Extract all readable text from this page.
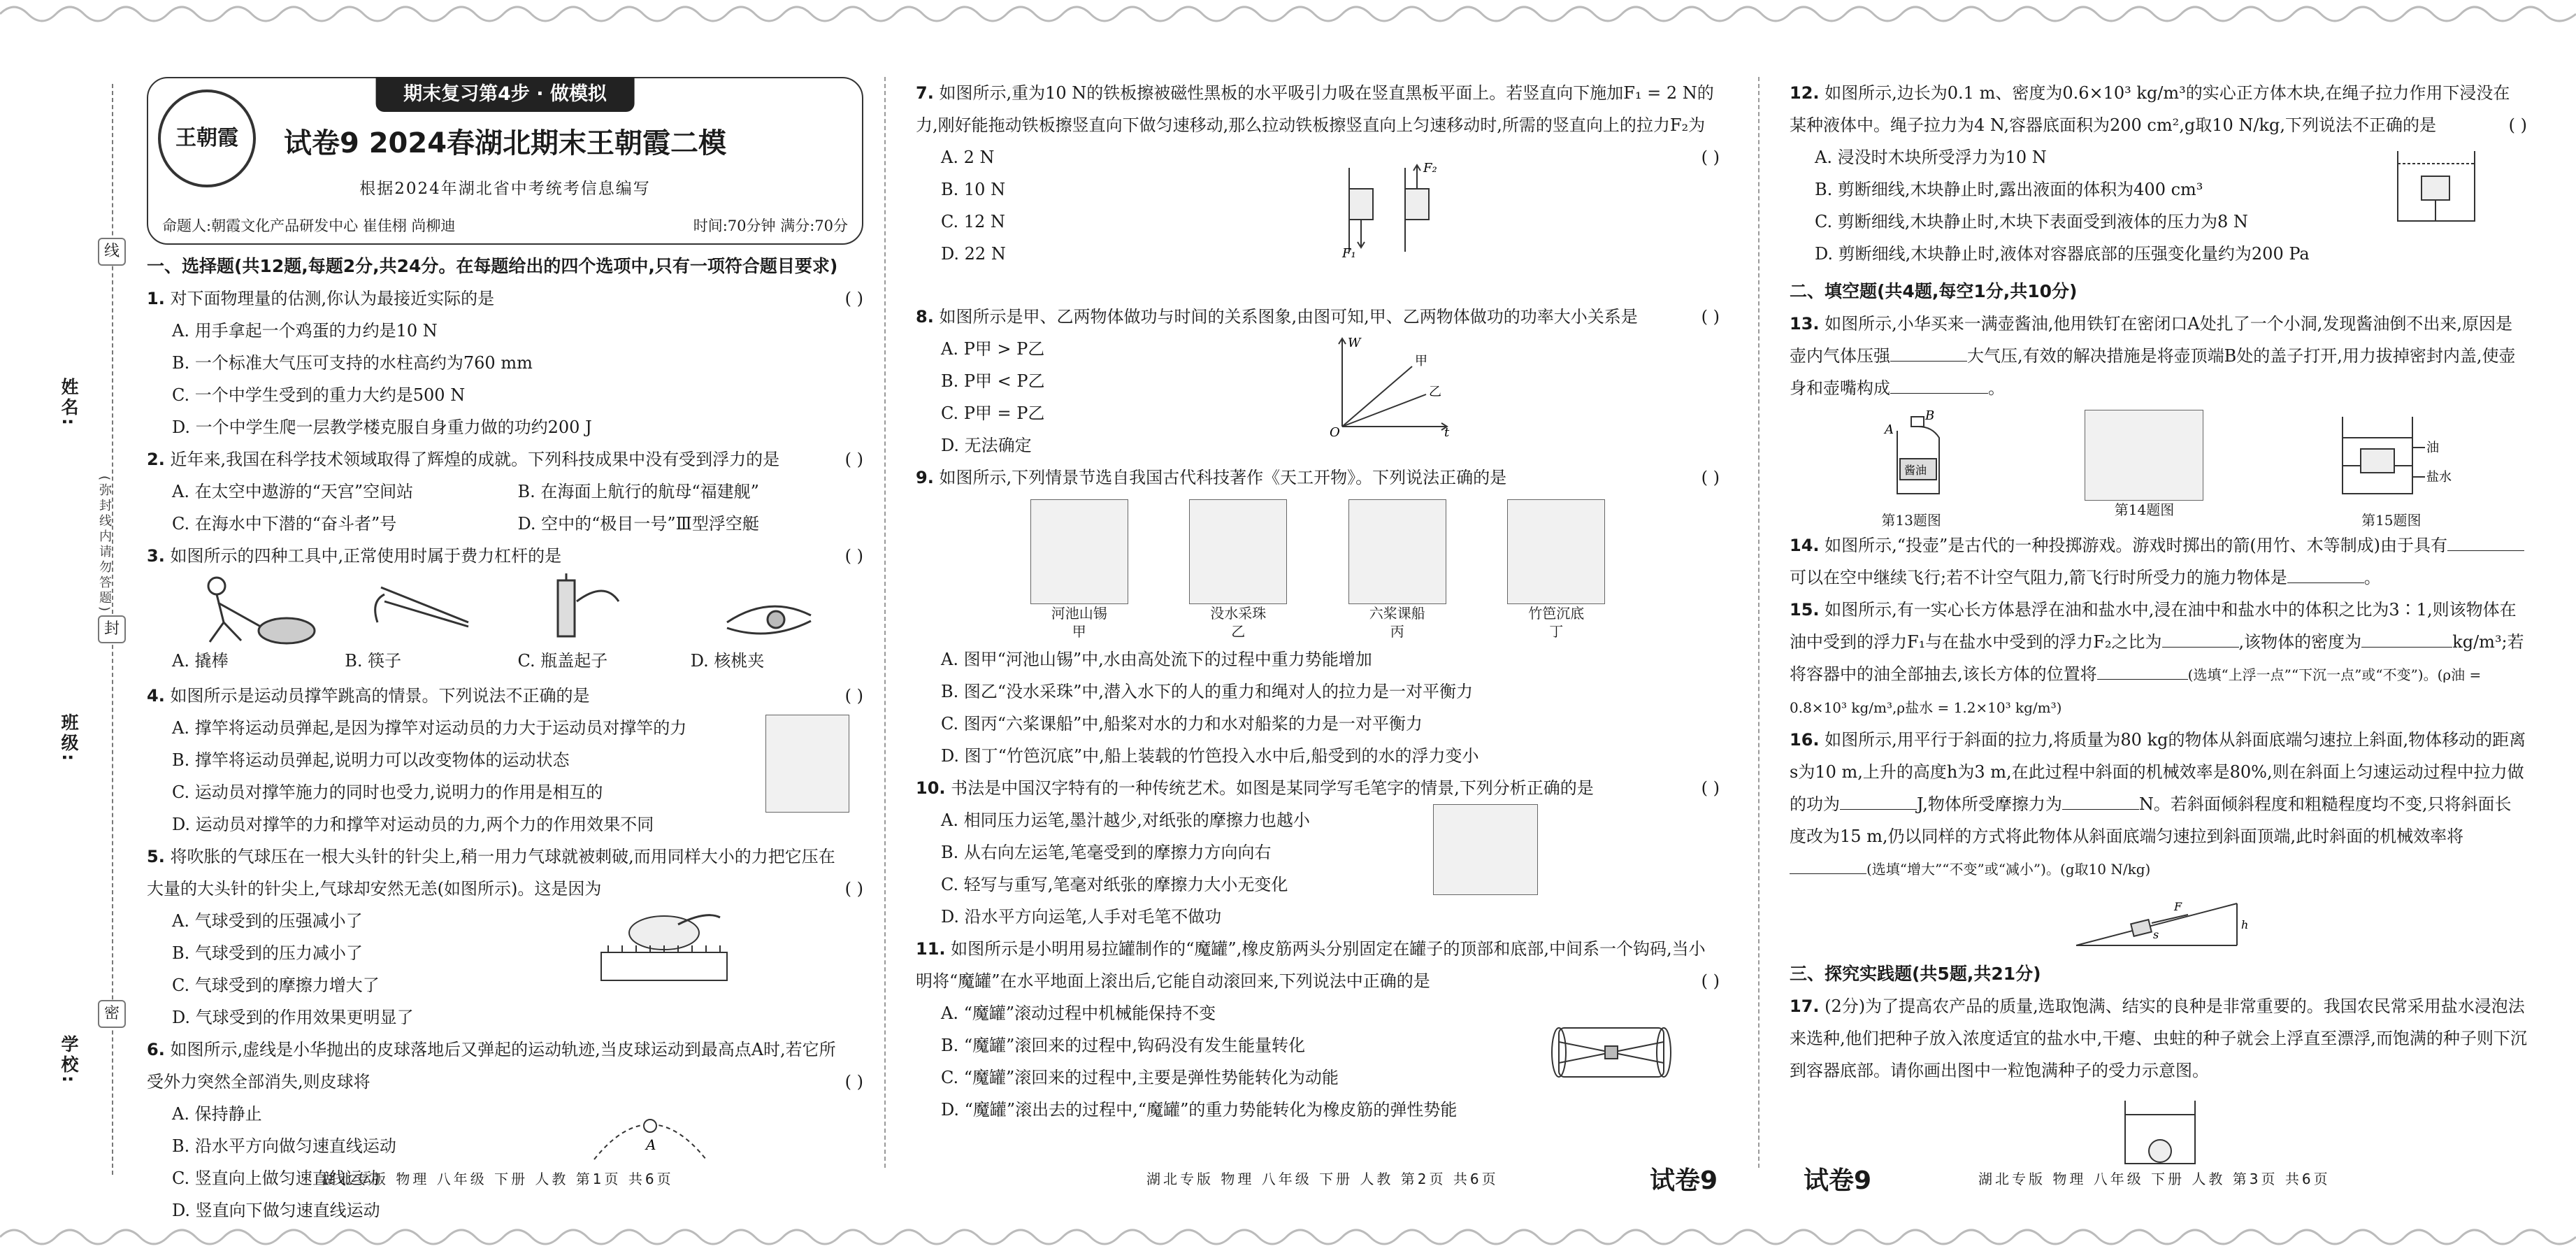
姓名:
班级:
学校:
线
(弥封线内请勿答题)
封
密
期末复习第4步 · 做模拟
王朝霞	试卷9 2024春湖北期末王朝霞二模
根据2024年湖北省中考统考信息编写
命题人:朝霞文化产品研发中心 崔佳栩 尚柳迪	时间:70分钟 满分:70分
一、选择题(共12题,每题2分,共24分。在每题给出的四个选项中,只有一项符合题目要求)
1. 对下面物理量的估测,你认为最接近实际的是	( )
A. 用手拿起一个鸡蛋的力约是10 N
B. 一个标准大气压可支持的水柱高约为760 mm
C. 一个中学生受到的重力大约是500 N
D. 一个中学生爬一层教学楼克服自身重力做的功约200 J
2. 近年来,我国在科学技术领域取得了辉煌的成就。下列科技成果中没有受到浮力的是	( )
A. 在太空中遨游的“天宫”空间站	B. 在海面上航行的航母“福建舰”
C. 在海水中下潜的“奋斗者”号	D. 空中的“极目一号”Ⅲ型浮空艇
3. 如图所示的四种工具中,正常使用时属于费力杠杆的是	( )
A. 撬棒	B. 筷子	C. 瓶盖起子	D. 核桃夹
4. 如图所示是运动员撑竿跳高的情景。下列说法不正确的是	( )
A. 撑竿将运动员弹起,是因为撑竿对运动员的力大于运动员对撑竿的力
B. 撑竿将运动员弹起,说明力可以改变物体的运动状态
C. 运动员对撑竿施力的同时也受力,说明力的作用是相互的
D. 运动员对撑竿的力和撑竿对运动员的力,两个力的作用效果不同
5. 将吹胀的气球压在一根大头针的针尖上,稍一用力气球就被刺破,而用同样大小的力把它压在大量的大头针的针尖上,气球却安然无恙(如图所示)。这是因为	( )
A. 气球受到的压强减小了
B. 气球受到的压力减小了
C. 气球受到的摩擦力增大了
D. 气球受到的作用效果更明显了
6. 如图所示,虚线是小华抛出的皮球落地后又弹起的运动轨迹,当皮球运动到最高点A时,若它所受外力突然全部消失,则皮球将	( )
A. 保持静止
B. 沿水平方向做匀速直线运动
C. 竖直向上做匀速直线运动
D. 竖直向下做匀速直线运动
A
7. 如图所示,重为10 N的铁板擦被磁性黑板的水平吸引力吸在竖直黑板平面上。若竖直向下施加F₁ = 2 N的力,刚好能拖动铁板擦竖直向下做匀速移动,那么拉动铁板擦竖直向上匀速移动时,所需的竖直向上的拉力F₂为
( )
A. 2 N
B. 10 N
C. 12 N
D. 22 N	F₁
F₂
8. 如图所示是甲、乙两物体做功与时间的关系图象,由图可知,甲、乙两物体做功的功率大小关系是	( )
A. P甲 > P乙
B. P甲 < P乙
C. P甲 = P乙
D. 无法确定
W
t
O
甲
乙
9. 如图所示,下列情景节选自我国古代科技著作《天工开物》。下列说法正确的是	( )
河池山锡
甲
没水采珠
乙
六桨课船
丙
竹笆沉底
丁
A. 图甲“河池山锡”中,水由高处流下的过程中重力势能增加
B. 图乙“没水采珠”中,潜入水下的人的重力和绳对人的拉力是一对平衡力
C. 图丙“六桨课船”中,船桨对水的力和水对船桨的力是一对平衡力
D. 图丁“竹笆沉底”中,船上装载的竹笆投入水中后,船受到的水的浮力变小
10. 书法是中国汉字特有的一种传统艺术。如图是某同学写毛笔字的情景,下列分析正确的是	( )
A. 相同压力运笔,墨汁越少,对纸张的摩擦力也越小
B. 从右向左运笔,笔毫受到的摩擦力方向向右
C. 轻写与重写,笔毫对纸张的摩擦力大小无变化
D. 沿水平方向运笔,人手对毛笔不做功
11. 如图所示是小明用易拉罐制作的“魔罐”,橡皮筋两头分别固定在罐子的顶部和底部,中间系一个钩码,当小明将“魔罐”在水平地面上滚出后,它能自动滚回来,下列说法中正确的是	( )
A. “魔罐”滚动过程中机械能保持不变
B. “魔罐”滚回来的过程中,钩码没有发生能量转化
C. “魔罐”滚回来的过程中,主要是弹性势能转化为动能
D. “魔罐”滚出去的过程中,“魔罐”的重力势能转化为橡皮筋的弹性势能
12. 如图所示,边长为0.1 m、密度为0.6×10³ kg/m³的实心正方体木块,在绳子拉力作用下浸没在某种液体中。绳子拉力为4 N,容器底面积为200 cm²,g取10 N/kg,下列说法不正确的是	( )
A. 浸没时木块所受浮力为10 N
B. 剪断细线,木块静止时,露出液面的体积为400 cm³
C. 剪断细线,木块静止时,木块下表面受到液体的压力为8 N
D. 剪断细线,木块静止时,液体对容器底部的压强变化量约为200 Pa
二、填空题(共4题,每空1分,共10分)
13. 如图所示,小华买来一满壶酱油,他用铁钉在密闭口A处扎了一个小洞,发现酱油倒不出来,原因是壶内气体压强	大气压,有效的解决措施是将壶顶端B处的盖子打开,用力拔掉密封内盖,使壶身和壶嘴构成	。
A
B
酱油
第13题图
第14题图
油
盐水
第15题图
14. 如图所示,“投壶”是古代的一种投掷游戏。游戏时掷出的箭(用竹、木等制成)由于具有可以在空中继续飞行;若不计空气阻力,箭飞行时所受力的施力物体是	。
15. 如图所示,有一实心长方体悬浮在油和盐水中,浸在油中和盐水中的体积之比为3∶1,则该物体在油中受到的浮力F₁与在盐水中受到的浮力F₂之比为	,该物体的密度为	kg/m³;若将容器中的油全部抽去,该长方体的位置将	(选填“上浮一点”“下沉一点”或“不变”)。(ρ油 = 0.8×10³ kg/m³,ρ盐水 = 1.2×10³ kg/m³)
16. 如图所示,用平行于斜面的拉力,将质量为80 kg的物体从斜面底端匀速拉上斜面,物体移动的距离s为10 m,上升的高度h为3 m,在此过程中斜面的机械效率是80%,则在斜面上匀速运动过程中拉力做的功为	J,物体所受摩擦力为	N。若斜面倾斜程度和粗糙程度均不变,只将斜面长度改为15 m,仍以同样的方式将此物体从斜面底端匀速拉到斜面顶端,此时斜面的机械效率将(选填“增大”“不变”或“减小”)。(g取10 N/kg)
F
s
h
三、探究实践题(共5题,共21分)
17. (2分)为了提高农产品的质量,选取饱满、结实的良种是非常重要的。我国农民常采用盐水浸泡法来选种,他们把种子放入浓度适宜的盐水中,干瘪、虫蛀的种子就会上浮直至漂浮,而饱满的种子则下沉到容器底部。请你画出图中一粒饱满种子的受力示意图。
湖北专版 物理 八年级 下册 人教 第1页 共6页	湖北专版 物理 八年级 下册 人教 第2页 共6页	试卷9	试卷9	湖北专版 物理 八年级 下册 人教 第3页 共6页
